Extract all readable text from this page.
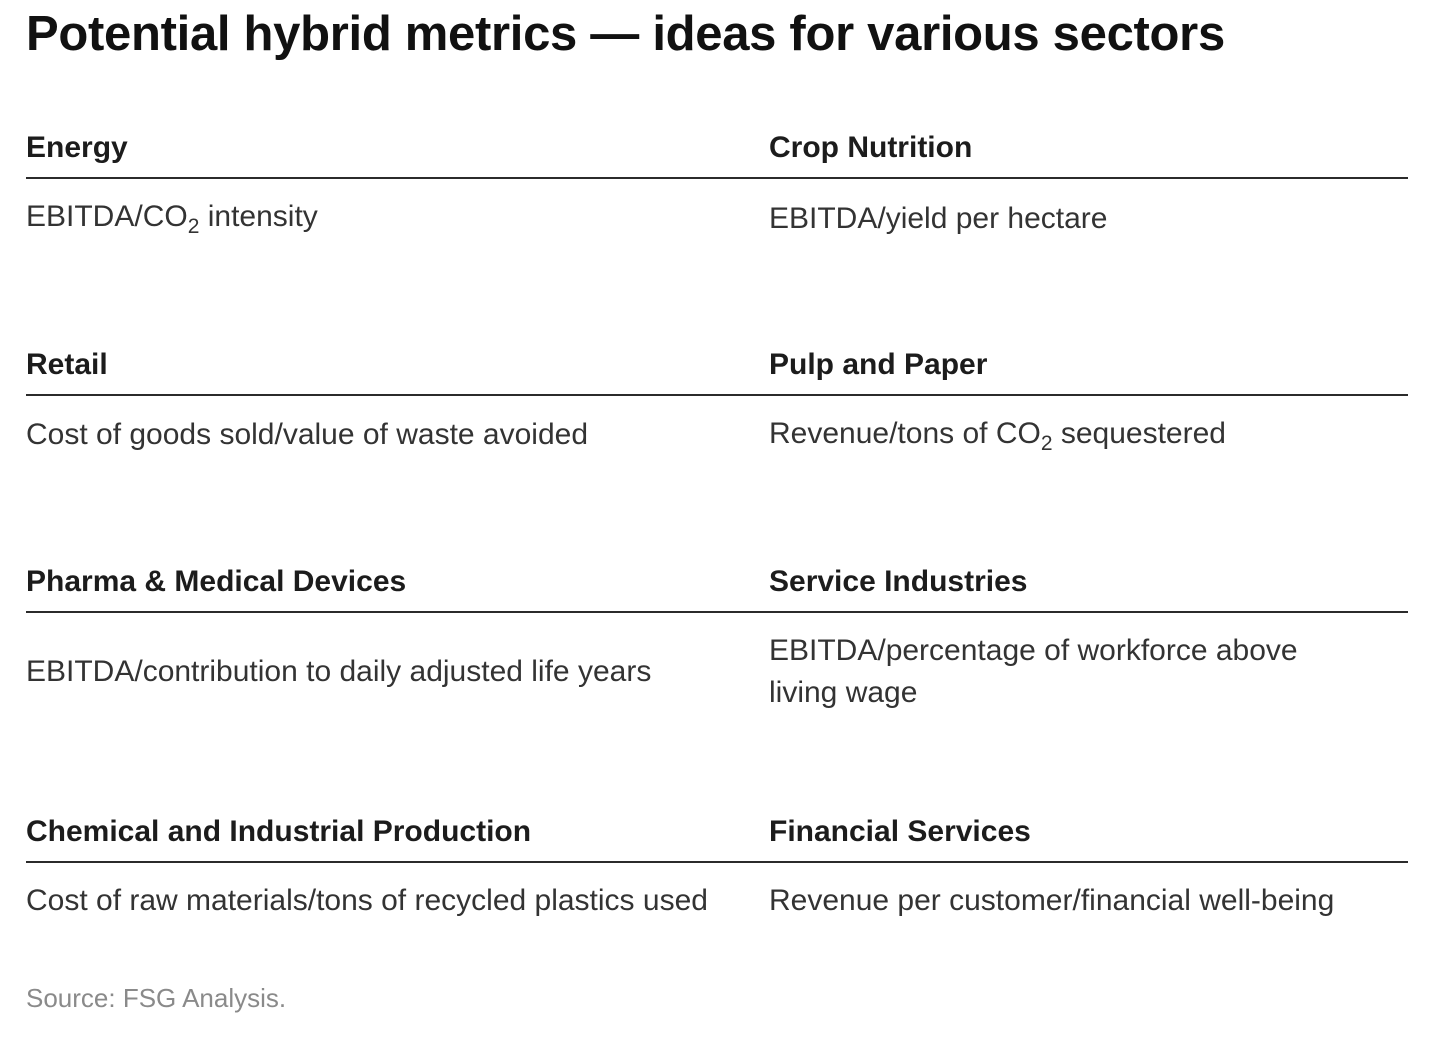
Potential hybrid metrics — ideas for various sectors
Energy
EBITDA/$CO_2$ intensity
Crop Nutrition
EBITDA/yield per hectare
Retail
Cost of goods sold/value of waste avoided
Pulp and Paper
Revenue/tons of $CO_2$ sequestered
Pharma & Medical Devices
EBITDA/contribution to daily adjusted life years
Service Industries
EBITDA/percentage of workforce above living wage
Chemical and Industrial Production
Cost of raw materials/tons of recycled plastics used
Financial Services
Revenue per customer/financial well-being
Source: FSG Analysis.
